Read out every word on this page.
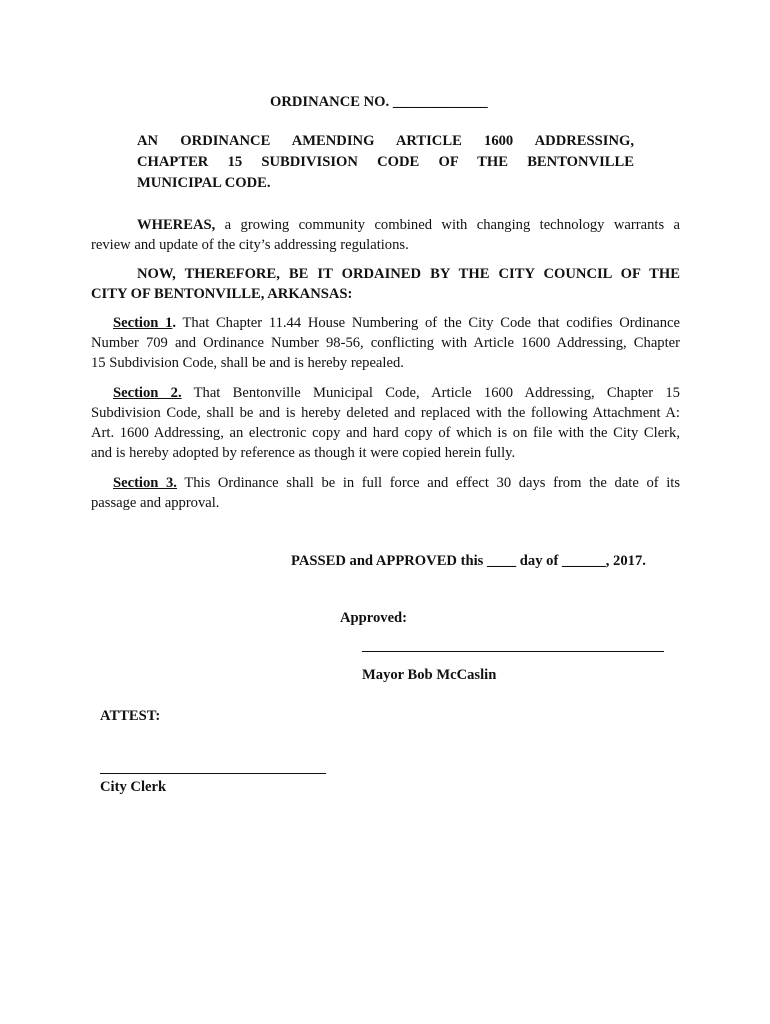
ORDINANCE NO. _____________
AN ORDINANCE AMENDING ARTICLE 1600 ADDRESSING,
CHAPTER 15 SUBDIVISION CODE OF THE BENTONVILLE
MUNICIPAL CODE.
WHEREAS, a growing community combined with changing technology warrants a
review and update of the city’s addressing regulations.
NOW, THEREFORE, BE IT ORDAINED BY THE CITY COUNCIL OF THE
CITY OF BENTONVILLE, ARKANSAS:
Section 1. That Chapter 11.44 House Numbering of the City Code that codifies Ordinance
Number 709 and Ordinance Number 98-56, conflicting with Article 1600 Addressing, Chapter
15 Subdivision Code, shall be and is hereby repealed.
Section 2. That Bentonville Municipal Code, Article 1600 Addressing, Chapter 15
Subdivision Code, shall be and is hereby deleted and replaced with the following Attachment A:
Art. 1600 Addressing, an electronic copy and hard copy of which is on file with the City Clerk,
and is hereby adopted by reference as though it were copied herein fully.
Section 3. This Ordinance shall be in full force and effect 30 days from the date of its
passage and approval.
PASSED and APPROVED this ____ day of ______, 2017.
Approved:
Mayor Bob McCaslin
ATTEST:
City Clerk
